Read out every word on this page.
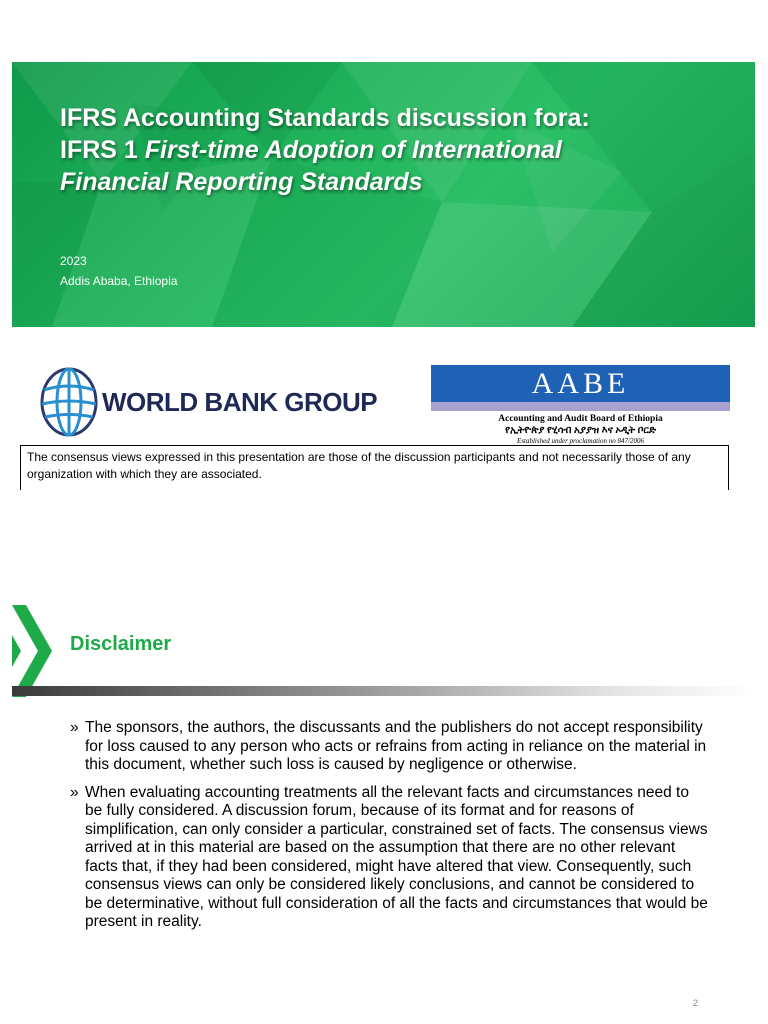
IFRS Accounting Standards discussion fora:
IFRS 1 First-time Adoption of International
Financial Reporting Standards
2023
Addis Ababa, Ethiopia
WORLD BANK GROUP
AABE
Accounting and Audit Board of Ethiopia
የኢትዮጵያ የሂሳብ አያያዝ እና ኦዲት ቦርድ
Established under proclamation no 847/2006
The consensus views expressed in this presentation are those of the discussion participants and not necessarily those of any organization with which they are associated.
Disclaimer
» The sponsors, the authors, the discussants and the publishers do not accept responsibility for loss caused to any person who acts or refrains from acting in reliance on the material in this document, whether such loss is caused by negligence or otherwise.
» When evaluating accounting treatments all the relevant facts and circumstances need to be fully considered. A discussion forum, because of its format and for reasons of simplification, can only consider a particular, constrained set of facts. The consensus views arrived at in this material are based on the assumption that there are no other relevant facts that, if they had been considered, might have altered that view. Consequently, such consensus views can only be considered likely conclusions, and cannot be considered to be determinative, without full consideration of all the facts and circumstances that would be present in reality.
2
